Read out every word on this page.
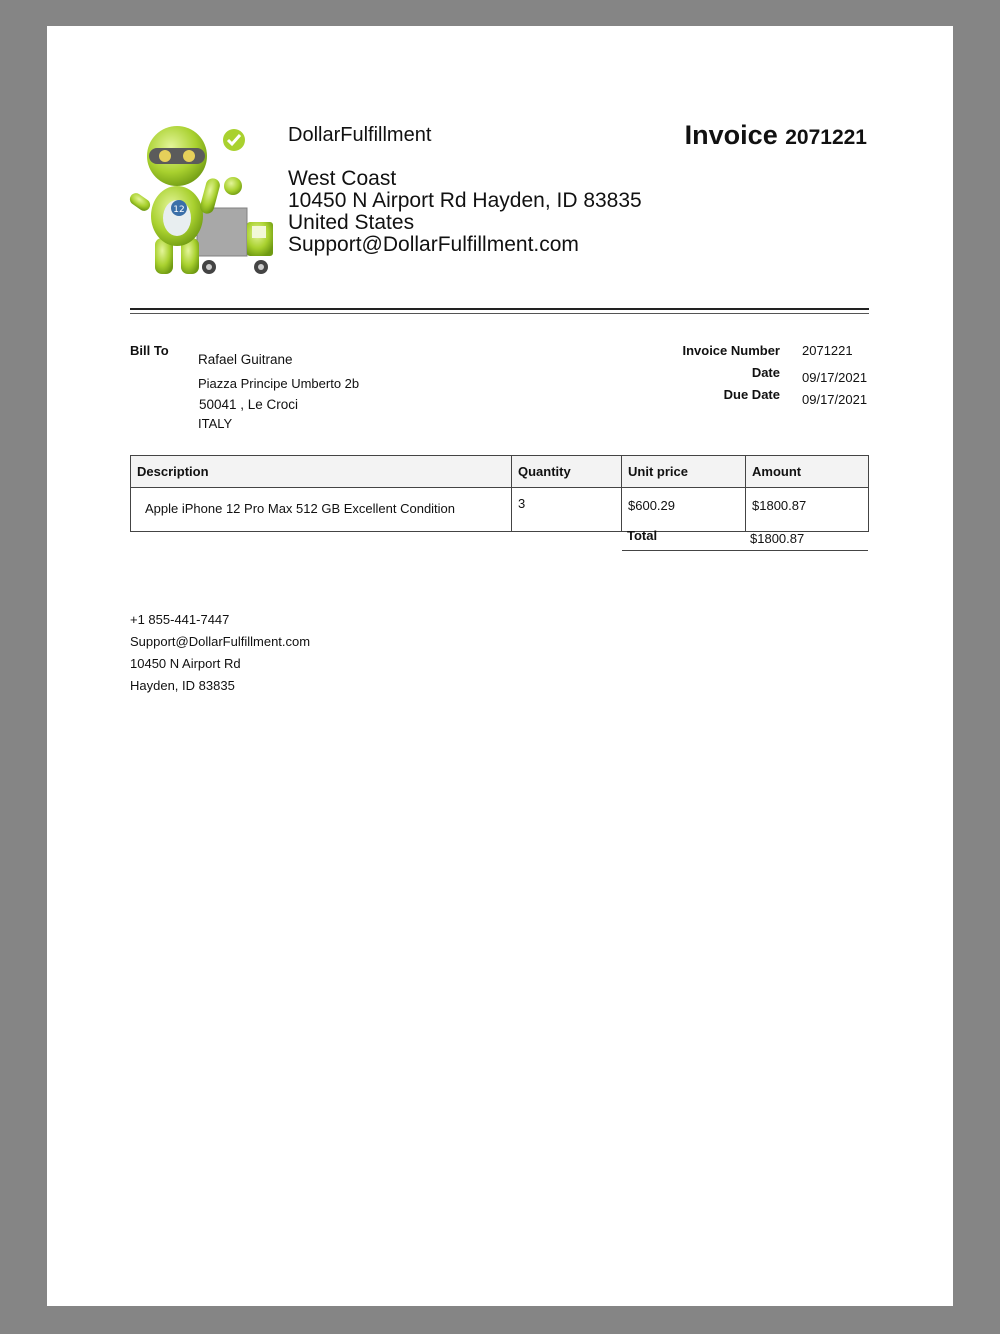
12
DollarFulfillment
West Coast
10450 N Airport Rd Hayden, ID 83835
United States
Support@DollarFulfillment.com
Invoice 2071221
Bill To
Rafael Guitrane
Piazza Principe Umberto 2b
50041 , Le Croci
ITALY
Invoice Number 2071221
Date 09/17/2021
Due Date 09/17/2021
Description	Quantity	Unit price	Amount
Apple iPhone 12 Pro Max 512 GB Excellent Condition	3	$600.29	$1800.87
Total	$1800.87
+1 855-441-7447
Support@DollarFulfillment.com
10450 N Airport Rd
Hayden, ID 83835
